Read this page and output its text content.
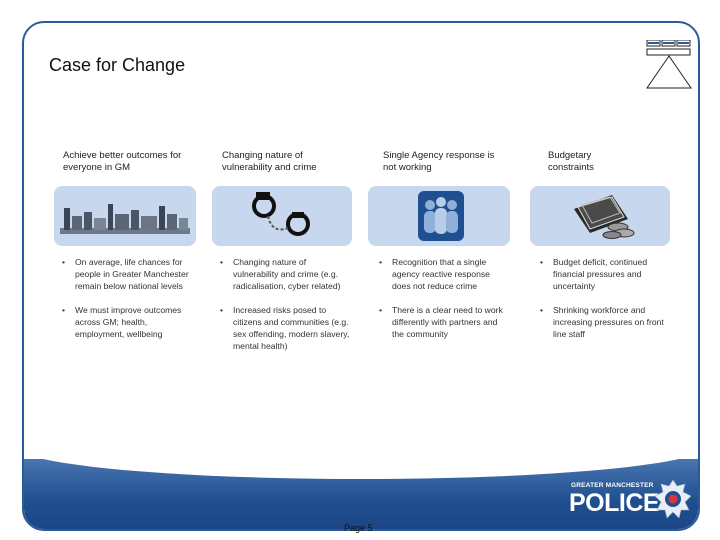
Case for Change
Achieve better outcomes for everyone in GM
• On average, life chances for people in Greater Manchester remain below national levels
• We must improve outcomes across GM; health, employment, wellbeing
Changing nature of vulnerability and crime
• Changing nature of vulnerability and crime (e.g. radicalisation, cyber related)
• Increased risks posed to citizens and communities (e.g. sex offending, modern slavery, mental health)
Single Agency response is not working
• Recognition that a single agency reactive response does not reduce crime
• There is a clear need to work differently with partners and the community
Budgetary constraints
• Budget deficit, continued financial pressures and uncertainty
• Shrinking workforce and increasing pressures on front line staff
GREATER MANCHESTER
POLICE
Page 5
